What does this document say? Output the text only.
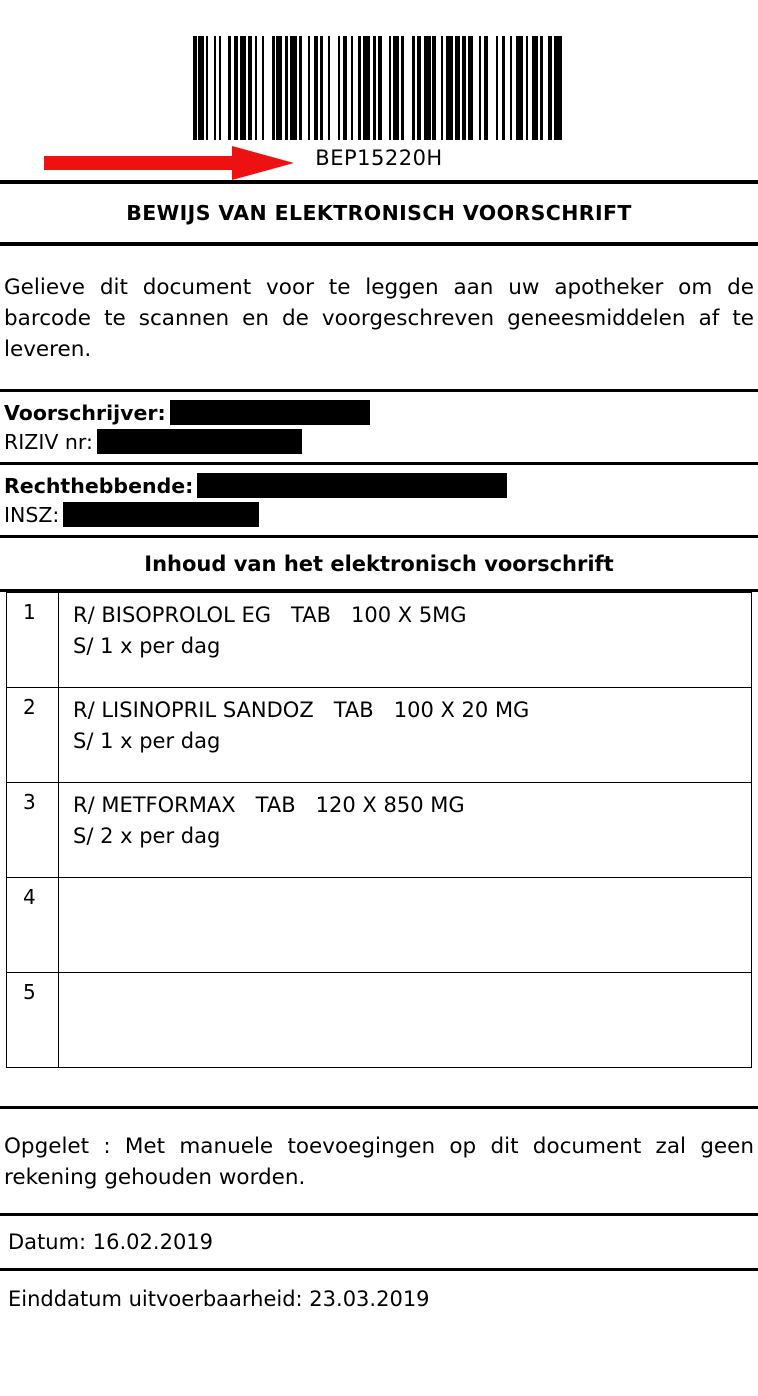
BEP15220H
BEWIJS VAN ELEKTRONISCH VOORSCHRIFT
Gelieve dit document voor te leggen aan uw apotheker om de barcode te scannen en de voorgeschreven geneesmiddelen af te leveren.
Voorschrijver:
RIZIV nr:
Rechthebbende:
INSZ:
Inhoud van het elektronisch voorschrift
1	R/ BISOPROLOL EG   TAB   100 X 5MG
S/ 1 x per dag
2	R/ LISINOPRIL SANDOZ   TAB   100 X 20 MG
S/ 1 x per dag
3	R/ METFORMAX   TAB   120 X 850 MG
S/ 2 x per dag
4
5
Opgelet : Met manuele toevoegingen op dit document zal geen rekening gehouden worden.
Datum: 16.02.2019
Einddatum uitvoerbaarheid: 23.03.2019
